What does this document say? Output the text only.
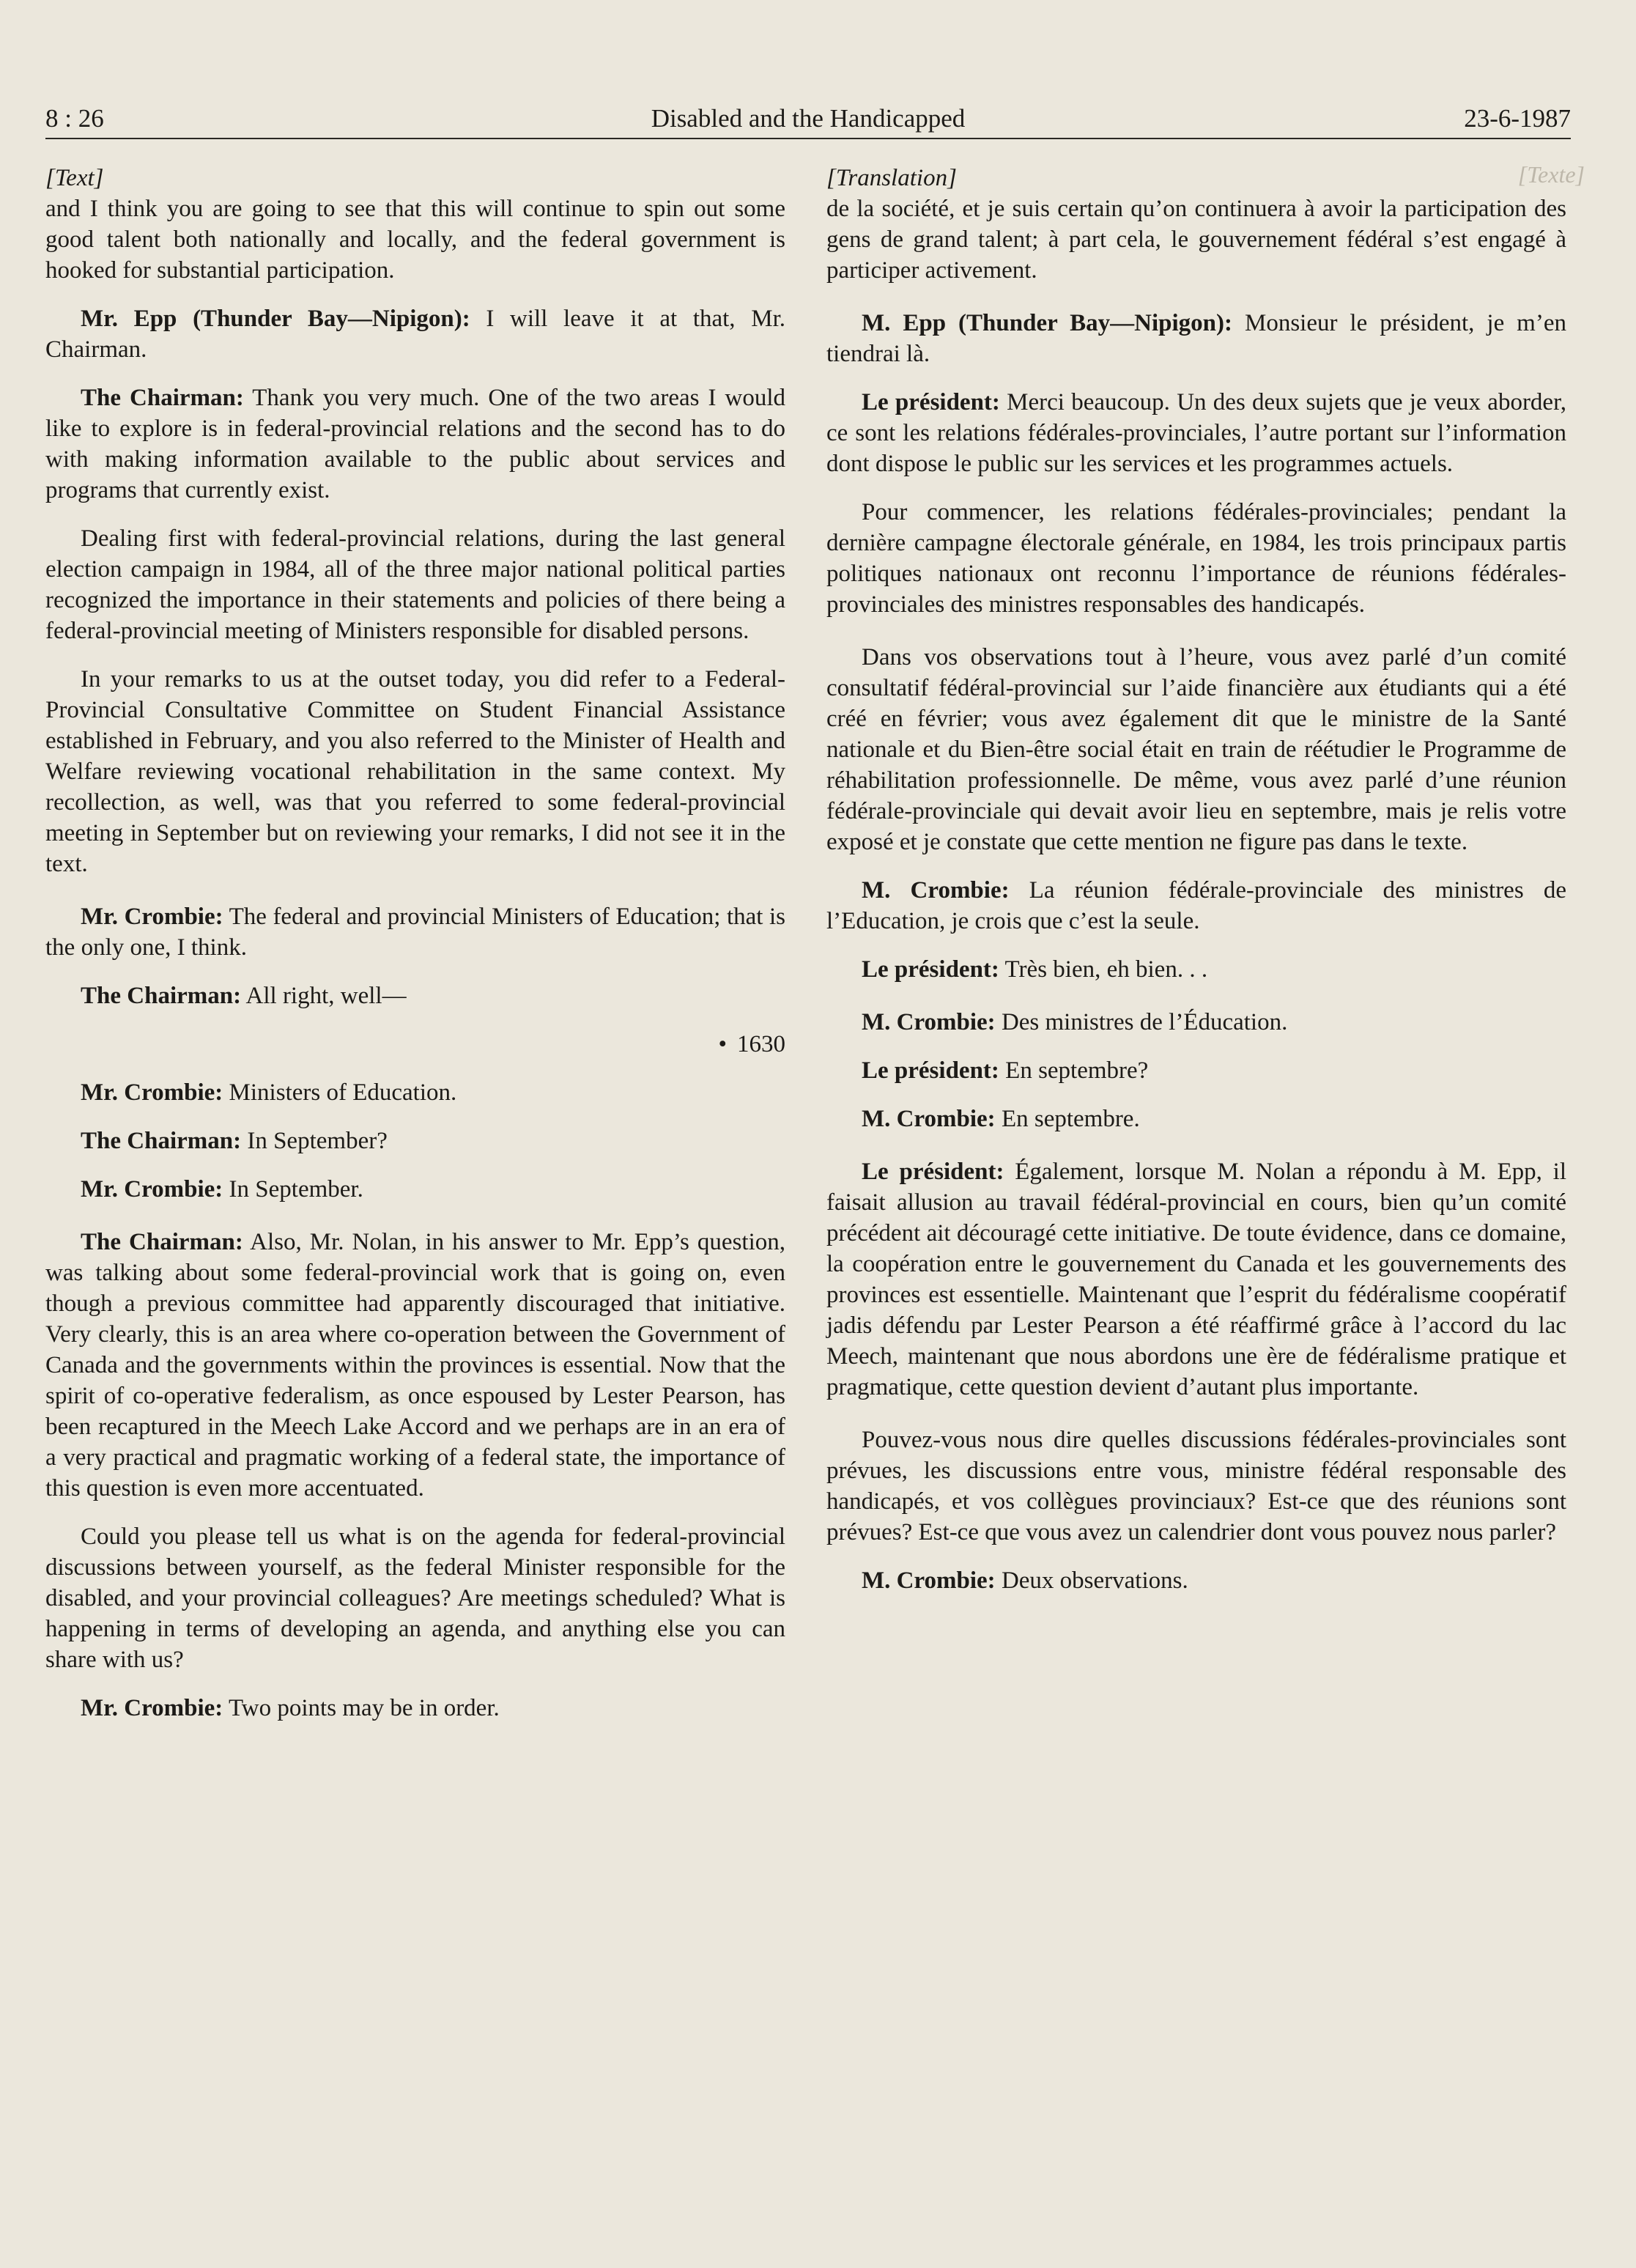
[Texte]
8 : 26	Disabled and the Handicapped	23-6-1987

[Text]

and I think you are going to see that this will continue to spin out some good talent both nationally and locally, and the federal government is hooked for substantial participation.

Mr. Epp (Thunder Bay—Nipigon): I will leave it at that, Mr. Chairman.

The Chairman: Thank you very much. One of the two areas I would like to explore is in federal-provincial relations and the second has to do with making information available to the public about services and programs that currently exist.

Dealing first with federal-provincial relations, during the last general election campaign in 1984, all of the three major national political parties recognized the importance in their statements and policies of there being a federal-provincial meeting of Ministers responsible for disabled persons.

In your remarks to us at the outset today, you did refer to a Federal-Provincial Consultative Committee on Student Financial Assistance established in February, and you also referred to the Minister of Health and Welfare reviewing vocational rehabilitation in the same context. My recollection, as well, was that you referred to some federal-provincial meeting in September but on reviewing your remarks, I did not see it in the text.

Mr. Crombie: The federal and provincial Ministers of Education; that is the only one, I think.

The Chairman: All right, well—

• 1630

Mr. Crombie: Ministers of Education.

The Chairman: In September?

Mr. Crombie: In September.

The Chairman: Also, Mr. Nolan, in his answer to Mr. Epp’s question, was talking about some federal-provincial work that is going on, even though a previous committee had apparently discouraged that initiative. Very clearly, this is an area where co-operation between the Government of Canada and the governments within the provinces is essential. Now that the spirit of co-operative federalism, as once espoused by Lester Pearson, has been recaptured in the Meech Lake Accord and we perhaps are in an era of a very practical and pragmatic working of a federal state, the importance of this question is even more accentuated.

Could you please tell us what is on the agenda for federal-provincial discussions between yourself, as the federal Minister responsible for the disabled, and your provincial colleagues? Are meetings scheduled? What is happening in terms of developing an agenda, and anything else you can share with us?

Mr. Crombie: Two points may be in order.

[Translation]

de la société, et je suis certain qu’on continuera à avoir la participation des gens de grand talent; à part cela, le gouvernement fédéral s’est engagé à participer activement.

M. Epp (Thunder Bay—Nipigon): Monsieur le président, je m’en tiendrai là.

Le président: Merci beaucoup. Un des deux sujets que je veux aborder, ce sont les relations fédérales-provinciales, l’autre portant sur l’information dont dispose le public sur les services et les programmes actuels.

Pour commencer, les relations fédérales-provinciales; pendant la dernière campagne électorale générale, en 1984, les trois principaux partis politiques nationaux ont reconnu l’importance de réunions fédérales-provinciales des ministres responsables des handicapés.

Dans vos observations tout à l’heure, vous avez parlé d’un comité consultatif fédéral-provincial sur l’aide financière aux étudiants qui a été créé en février; vous avez également dit que le ministre de la Santé nationale et du Bien-être social était en train de réétudier le Programme de réhabilitation professionnelle. De même, vous avez parlé d’une réunion fédérale-provinciale qui devait avoir lieu en septembre, mais je relis votre exposé et je constate que cette mention ne figure pas dans le texte.

M. Crombie: La réunion fédérale-provinciale des ministres de l’Education, je crois que c’est la seule.

Le président: Très bien, eh bien. . .

M. Crombie: Des ministres de l’Éducation.

Le président: En septembre?

M. Crombie: En septembre.

Le président: Également, lorsque M. Nolan a répondu à M. Epp, il faisait allusion au travail fédéral-provincial en cours, bien qu’un comité précédent ait découragé cette initiative. De toute évidence, dans ce domaine, la coopération entre le gouvernement du Canada et les gouvernements des provinces est essentielle. Maintenant que l’esprit du fédéralisme coopératif jadis défendu par Lester Pearson a été réaffirmé grâce à l’accord du lac Meech, maintenant que nous abordons une ère de fédéralisme pratique et pragmatique, cette question devient d’autant plus importante.

Pouvez-vous nous dire quelles discussions fédérales-provinciales sont prévues, les discussions entre vous, ministre fédéral responsable des handicapés, et vos collègues provinciaux? Est-ce que des réunions sont prévues? Est-ce que vous avez un calendrier dont vous pouvez nous parler?

M. Crombie: Deux observations.
